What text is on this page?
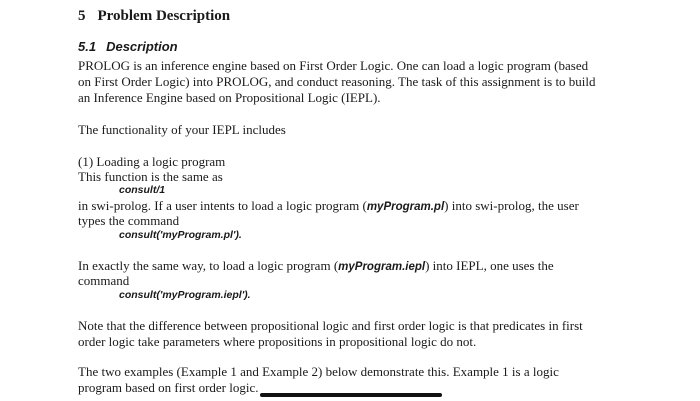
5 Problem Description
5.1 Description
PROLOG is an inference engine based on First Order Logic. One can load a logic program (based
on First Order Logic) into PROLOG, and conduct reasoning. The task of this assignment is to build
an Inference Engine based on Propositional Logic (IEPL).
The functionality of your IEPL includes
(1) Loading a logic program
This function is the same as
consult/1
in swi-prolog. If a user intents to load a logic program (myProgram.pl) into swi-prolog, the user
types the command
consult('myProgram.pl').
In exactly the same way, to load a logic program (myProgram.iepl) into IEPL, one uses the
command
consult('myProgram.iepl').
Note that the difference between propositional logic and first order logic is that predicates in first
order logic take parameters where propositions in propositional logic do not.
The two examples (Example 1 and Example 2) below demonstrate this. Example 1 is a logic
program based on first order logic.
